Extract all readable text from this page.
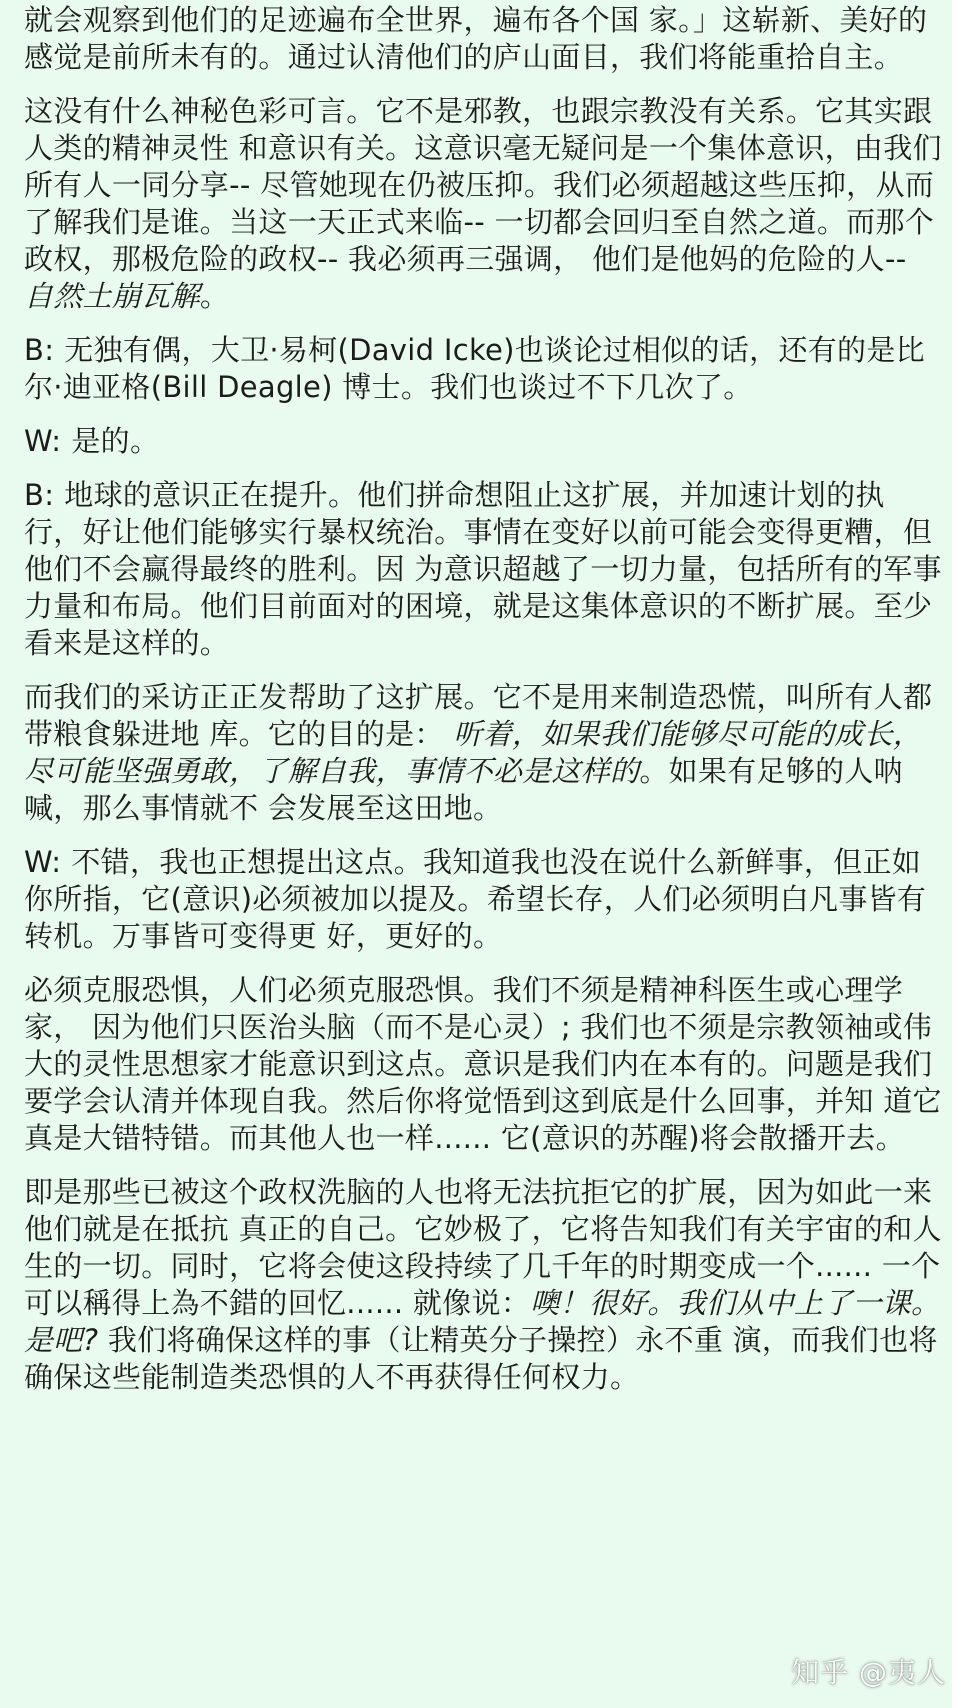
就会观察到他们的足迹遍布全世界，遍布各个国 家。」这崭新、美好的感觉是前所未有的。通过认清他们的庐山面目，我们将能重拾自主。

这没有什么神秘色彩可言。它不是邪教，也跟宗教没有关系。它其实跟人类的精神灵性 和意识有关。这意识毫无疑问是一个集体意识，由我们所有人一同分享-- 尽管她现在仍被压抑。我们必须超越这些压抑，从而了解我们是谁。当这一天正式来临-- 一切都会回归至自然之道。而那个政权，那极危险的政权-- 我必须再三强调， 他们是他妈的危险的人-- 自然土崩瓦解。

B: 无独有偶，大卫·易柯(David Icke)也谈论过相似的话，还有的是比尔·迪亚格(Bill Deagle) 博士。我们也谈过不下几次了。

W: 是的。

B: 地球的意识正在提升。他们拼命想阻止这扩展，并加速计划的执行，好让他们能够实行暴权统治。事情在变好以前可能会变得更糟，但他们不会赢得最终的胜利。因 为意识超越了一切力量，包括所有的军事力量和布局。他们目前面对的困境，就是这集体意识的不断扩展。至少看来是这样的。

而我们的采访正正发帮助了这扩展。它不是用来制造恐慌，叫所有人都带粮食躲进地 库。它的目的是： 听着，如果我们能够尽可能的成长，尽可能坚强勇敢，了解自我，事情不必是这样的。如果有足够的人呐喊，那么事情就不 会发展至这田地。

W: 不错，我也正想提出这点。我知道我也没在说什么新鲜事，但正如你所指，它(意识)必须被加以提及。希望长存，人们必须明白凡事皆有转机。万事皆可变得更 好，更好的。

必须克服恐惧，人们必须克服恐惧。我们不须是精神科医生或心理学家， 因为他们只医治头脑（而不是心灵）; 我们也不须是宗教领袖或伟大的灵性思想家才能意识到这点。意识是我们内在本有的。问题是我们要学会认清并体现自我。然后你将觉悟到这到底是什么回事，并知 道它真是大错特错。而其他人也一样...... 它(意识的苏醒)将会散播开去。

即是那些已被这个政权洗脑的人也将无法抗拒它的扩展，因为如此一来他们就是在抵抗 真正的自己。它妙极了，它将告知我们有关宇宙的和人生的一切。同时，它将会使这段持续了几千年的时期变成一个...... 一个可以稱得上為不錯的回忆...... 就像说：噢！很好。我们从中上了一课。是吧? 我们将确保这样的事（让精英分子操控）永不重 演，而我们也将确保这些能制造类恐惧的人不再获得任何权力。

知乎 @夷人
